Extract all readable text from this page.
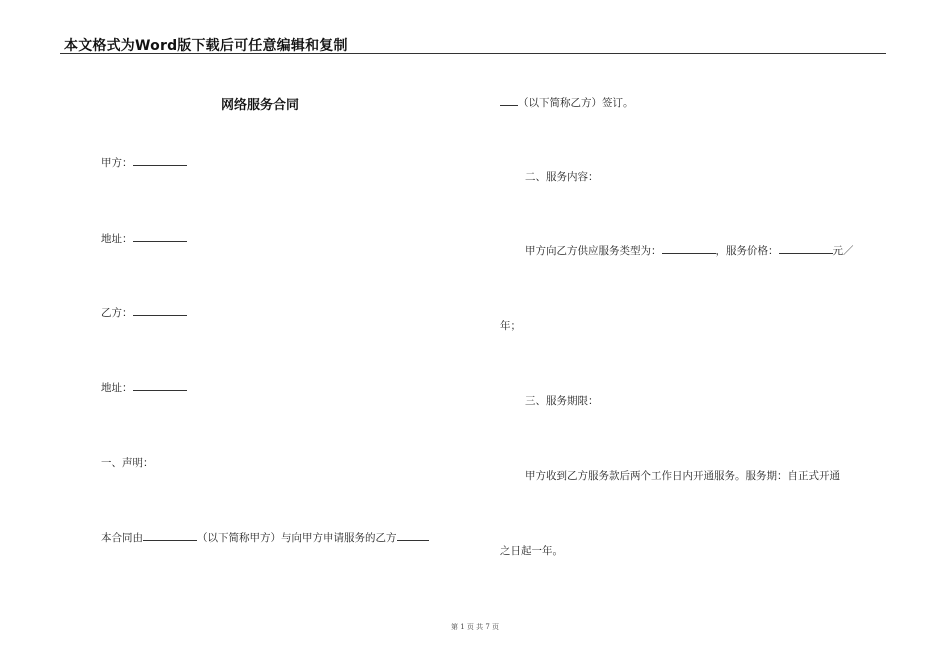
本文格式为Word版下载后可任意编辑和复制
网络服务合同
甲方：
地址：
乙方：
地址：
一、声明：
本合同由	（以下简称甲方）与向甲方申请服务的乙方
（以下简称乙方）签订。
二、服务内容：
甲方向乙方供应服务类型为：	，服务价格：	元／
年；
三、服务期限：
甲方收到乙方服务款后两个工作日内开通服务。服务期：自正式开通
之日起一年。
第 1 页 共 7 页
